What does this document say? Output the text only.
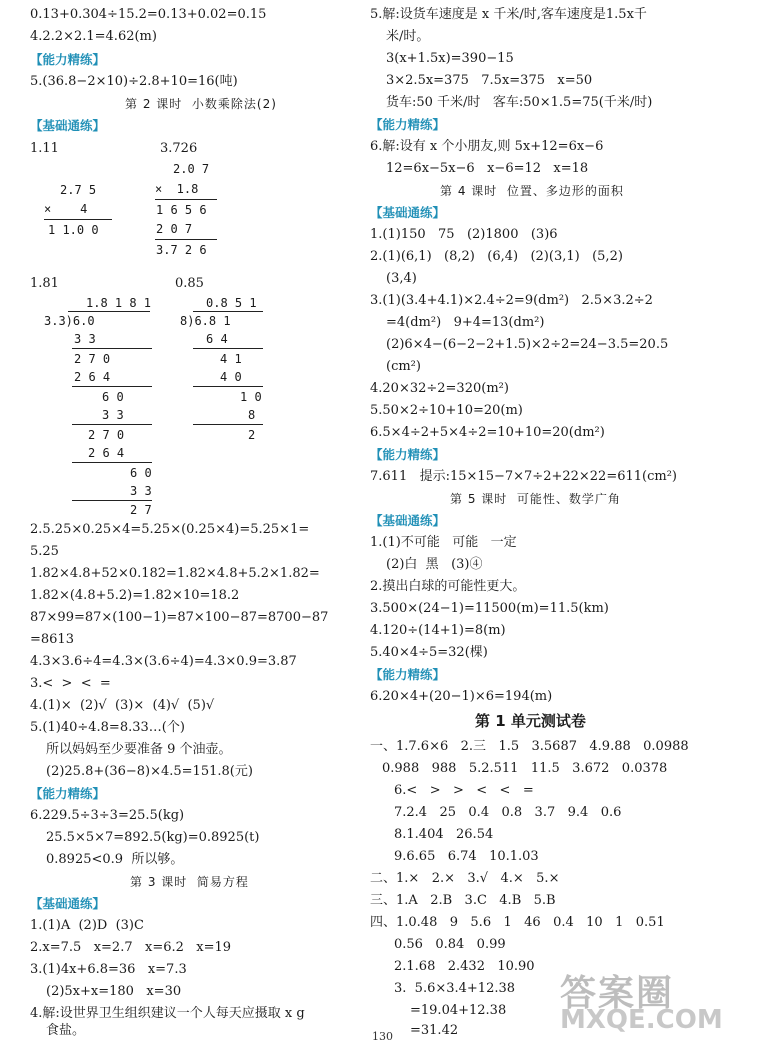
0.13+0.304÷15.2=0.13+0.02=0.15
4.2.2×2.1=4.62(m)
【能力精练】
5.(36.8−2×10)÷2.8+10=16(吨)
第 2 课时  小数乘除法(2)
【基础通练】
1.11	3.726
2.7 5
×    4
1 1.0 0
2.0 7
×  1.8
1 6 5 6
2 0 7
3.7 2 6
1.81	0.85
1.8 1 8 1
3.3)6.0
3 3
2 7 0
2 6 4
6 0
3 3
2 7 0
2 6 4
6 0
3 3
2 7
0.8 5 1
8)6.8 1
6 4
4 1
4 0
1 0
8
2
2.5.25×0.25×4=5.25×(0.25×4)=5.25×1=
5.25
1.82×4.8+52×0.182=1.82×4.8+5.2×1.82=
1.82×(4.8+5.2)=1.82×10=18.2
87×99=87×(100−1)=87×100−87=8700−87
=8613
4.3×3.6÷4=4.3×(3.6÷4)=4.3×0.9=3.87
3.<  >  <  =
4.(1)×  (2)√  (3)×  (4)√  (5)√
5.(1)40÷4.8=8.33…(个)
所以妈妈至少要准备 9 个油壶。
(2)25.8+(36−8)×4.5=151.8(元)
【能力精练】
6.229.5÷3÷3=25.5(kg)
25.5×5×7=892.5(kg)=0.8925(t)
0.8925<0.9  所以够。
第 3 课时  简易方程
【基础通练】
1.(1)A  (2)D  (3)C
2.x=7.5   x=2.7   x=6.2   x=19
3.(1)4x+6.8=36   x=7.3
(2)5x+x=180   x=30
4.解:设世界卫生组织建议一个人每天应摄取 x g
食盐。
5.解:设货车速度是 x 千米/时,客车速度是1.5x千
米/时。
3(x+1.5x)=390−15
3×2.5x=375   7.5x=375   x=50
货车:50 千米/时   客车:50×1.5=75(千米/时)
【能力精练】
6.解:设有 x 个小朋友,则 5x+12=6x−6
12=6x−5x−6   x−6=12   x=18
第 4 课时  位置、多边形的面积
【基础通练】
1.(1)150   75   (2)1800   (3)6
2.(1)(6,1)   (8,2)   (6,4)   (2)(3,1)   (5,2)
(3,4)
3.(1)(3.4+4.1)×2.4÷2=9(dm²)   2.5×3.2÷2
=4(dm²)   9+4=13(dm²)
(2)6×4−(6−2−2+1.5)×2÷2=24−3.5=20.5
(cm²)
4.20×32÷2=320(m²)
5.50×2÷10+10=20(m)
6.5×4÷2+5×4÷2=10+10=20(dm²)
【能力精练】
7.611   提示:15×15−7×7÷2+22×22=611(cm²)
第 5 课时  可能性、数学广角
【基础通练】
1.(1)不可能   可能   一定
(2)白  黑   (3)④
2.摸出白球的可能性更大。
3.500×(24−1)=11500(m)=11.5(km)
4.120÷(14+1)=8(m)
5.40×4÷5=32(棵)
【能力精练】
6.20×4+(20−1)×6=194(m)
第 1 单元测试卷
一、1.7.6×6   2.三   1.5   3.5687   4.9.88   0.0988
0.988   988   5.2.511   11.5   3.672   0.0378
6.<   >   >   <   <   =
7.2.4   25   0.4   0.8   3.7   9.4   0.6
8.1.404   26.54
9.6.65   6.74   10.1.03
二、1.×   2.×   3.√   4.×   5.×
三、1.A   2.B   3.C   4.B   5.B
四、1.0.48   9   5.6   1   46   0.4   10   1   0.51
0.56   0.84   0.99
2.1.68   2.432   10.90
3.  5.6×3.4+12.38
=19.04+12.38
=31.42
130
答案圈
MXQE.COM
